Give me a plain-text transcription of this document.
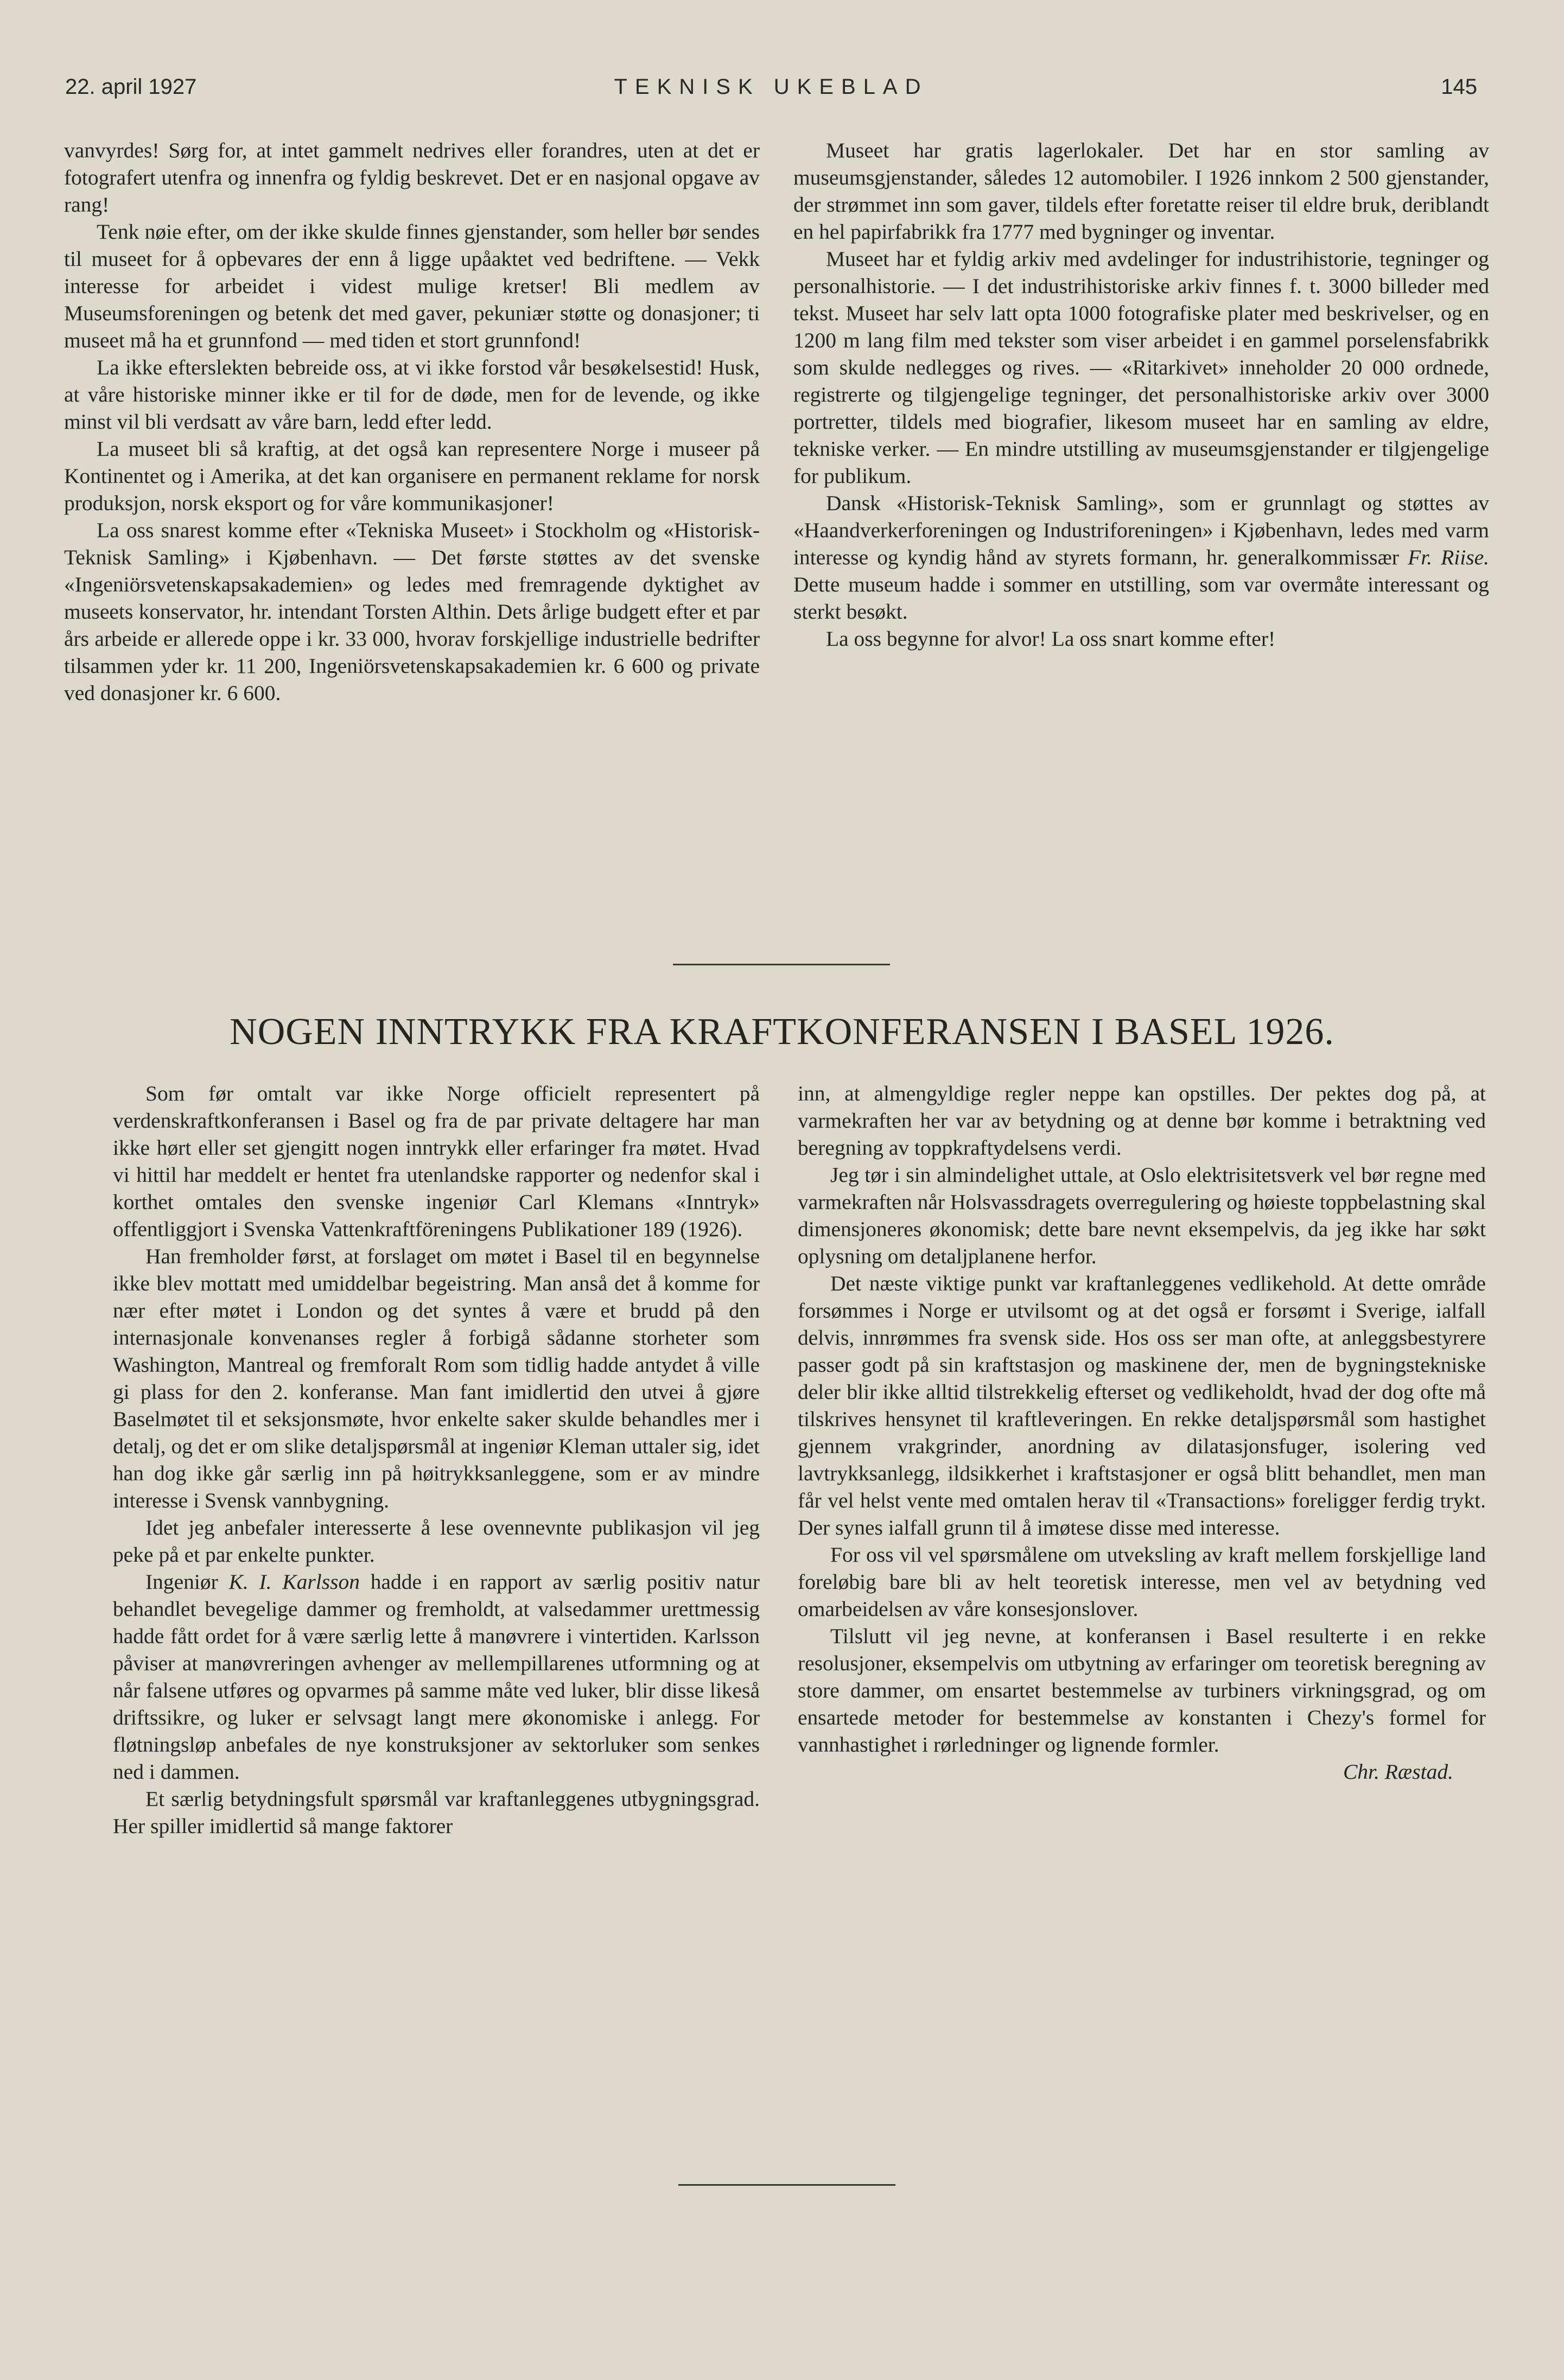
22. april 1927	TEKNISK UKEBLAD	145

vanvyrdes! Sørg for, at intet gammelt nedrives eller forandres, uten at det er fotografert utenfra og innenfra og fyldig beskrevet. Det er en nasjonal opgave av rang!

Tenk nøie efter, om der ikke skulde finnes gjenstander, som heller bør sendes til museet for å opbevares der enn å ligge upåaktet ved bedriftene. — Vekk interesse for arbeidet i videst mulige kretser! Bli medlem av Museumsforeningen og betenk det med gaver, pekuniær støtte og donasjoner; ti museet må ha et grunnfond — med tiden et stort grunnfond!

La ikke efterslekten bebreide oss, at vi ikke forstod vår besøkelsestid! Husk, at våre historiske minner ikke er til for de døde, men for de levende, og ikke minst vil bli verdsatt av våre barn, ledd efter ledd.

La museet bli så kraftig, at det også kan representere Norge i museer på Kontinentet og i Amerika, at det kan organisere en permanent reklame for norsk produksjon, norsk eksport og for våre kommunikasjoner!

La oss snarest komme efter «Tekniska Museet» i Stockholm og «Historisk-Teknisk Samling» i Kjøbenhavn. — Det første støttes av det svenske «Ingeniörsvetenskapsakademien» og ledes med fremragende dyktighet av museets konservator, hr. intendant Torsten Althin. Dets årlige budgett efter et par års arbeide er allerede oppe i kr. 33 000, hvorav forskjellige industrielle bedrifter tilsammen yder kr. 11 200, Ingeniörsvetenskapsakademien kr. 6 600 og private ved donasjoner kr. 6 600.

Museet har gratis lagerlokaler. Det har en stor samling av museumsgjenstander, således 12 automobiler. I 1926 innkom 2 500 gjenstander, der strømmet inn som gaver, tildels efter foretatte reiser til eldre bruk, deriblandt en hel papirfabrikk fra 1777 med bygninger og inventar.

Museet har et fyldig arkiv med avdelinger for industrihistorie, tegninger og personalhistorie. — I det industrihistoriske arkiv finnes f. t. 3000 billeder med tekst. Museet har selv latt opta 1000 fotografiske plater med beskrivelser, og en 1200 m lang film med tekster som viser arbeidet i en gammel porselensfabrikk som skulde nedlegges og rives. — «Ritarkivet» inneholder 20 000 ordnede, registrerte og tilgjengelige tegninger, det personalhistoriske arkiv over 3000 portretter, tildels med biografier, likesom museet har en samling av eldre, tekniske verker. — En mindre utstilling av museumsgjenstander er tilgjengelige for publikum.

Dansk «Historisk-Teknisk Samling», som er grunnlagt og støttes av «Haandverkerforeningen og Industriforeningen» i Kjøbenhavn, ledes med varm interesse og kyndig hånd av styrets formann, hr. generalkommissær Fr. Riise. Dette museum hadde i sommer en utstilling, som var overmåte interessant og sterkt besøkt.

La oss begynne for alvor! La oss snart komme efter!

NOGEN INNTRYKK FRA KRAFTKONFERANSEN I BASEL 1926.

Som før omtalt var ikke Norge officielt representert på verdenskraftkonferansen i Basel og fra de par private deltagere har man ikke hørt eller set gjengitt nogen inntrykk eller erfaringer fra møtet. Hvad vi hittil har meddelt er hentet fra utenlandske rapporter og nedenfor skal i korthet omtales den svenske ingeniør Carl Klemans «Inntryk» offentliggjort i Svenska Vattenkraftföreningens Publikationer 189 (1926).

Han fremholder først, at forslaget om møtet i Basel til en begynnelse ikke blev mottatt med umiddelbar begeistring. Man anså det å komme for nær efter møtet i London og det syntes å være et brudd på den internasjonale konvenanses regler å forbigå sådanne storheter som Washington, Mantreal og fremforalt Rom som tidlig hadde antydet å ville gi plass for den 2. konferanse. Man fant imidlertid den utvei å gjøre Baselmøtet til et seksjonsmøte, hvor enkelte saker skulde behandles mer i detalj, og det er om slike detaljspørsmål at ingeniør Kleman uttaler sig, idet han dog ikke går særlig inn på høitrykksanleggene, som er av mindre interesse i Svensk vannbygning.

Idet jeg anbefaler interesserte å lese ovennevnte publikasjon vil jeg peke på et par enkelte punkter.

Ingeniør K. I. Karlsson hadde i en rapport av særlig positiv natur behandlet bevegelige dammer og fremholdt, at valsedammer urettmessig hadde fått ordet for å være særlig lette å manøvrere i vintertiden. Karlsson påviser at manøvreringen avhenger av mellempillarenes utformning og at når falsene utføres og opvarmes på samme måte ved luker, blir disse likeså driftssikre, og luker er selvsagt langt mere økonomiske i anlegg. For fløtningsløp anbefales de nye konstruksjoner av sektorluker som senkes ned i dammen.

Et særlig betydningsfult spørsmål var kraftanleggenes utbygningsgrad. Her spiller imidlertid så mange faktorer

inn, at almengyldige regler neppe kan opstilles. Der pektes dog på, at varmekraften her var av betydning og at denne bør komme i betraktning ved beregning av toppkraftydelsens verdi.

Jeg tør i sin almindelighet uttale, at Oslo elektrisitetsverk vel bør regne med varmekraften når Holsvassdragets overregulering og høieste toppbelastning skal dimensjoneres økonomisk; dette bare nevnt eksempelvis, da jeg ikke har søkt oplysning om detaljplanene herfor.

Det næste viktige punkt var kraftanleggenes vedlikehold. At dette område forsømmes i Norge er utvilsomt og at det også er forsømt i Sverige, ialfall delvis, innrømmes fra svensk side. Hos oss ser man ofte, at anleggsbestyrere passer godt på sin kraftstasjon og maskinene der, men de bygningstekniske deler blir ikke alltid tilstrekkelig efterset og vedlikeholdt, hvad der dog ofte må tilskrives hensynet til kraftleveringen. En rekke detaljspørsmål som hastighet gjennem vrakgrinder, anordning av dilatasjonsfuger, isolering ved lavtrykksanlegg, ildsikkerhet i kraftstasjoner er også blitt behandlet, men man får vel helst vente med omtalen herav til «Transactions» foreligger ferdig trykt. Der synes ialfall grunn til å imøtese disse med interesse.

For oss vil vel spørsmålene om utveksling av kraft mellem forskjellige land foreløbig bare bli av helt teoretisk interesse, men vel av betydning ved omarbeidelsen av våre konsesjonslover.

Tilslutt vil jeg nevne, at konferansen i Basel resulterte i en rekke resolusjoner, eksempelvis om utbytning av erfaringer om teoretisk beregning av store dammer, om ensartet bestemmelse av turbiners virkningsgrad, og om ensartede metoder for bestemmelse av konstanten i Chezy's formel for vannhastighet i rørledninger og lignende formler.

Chr. Ræstad.
